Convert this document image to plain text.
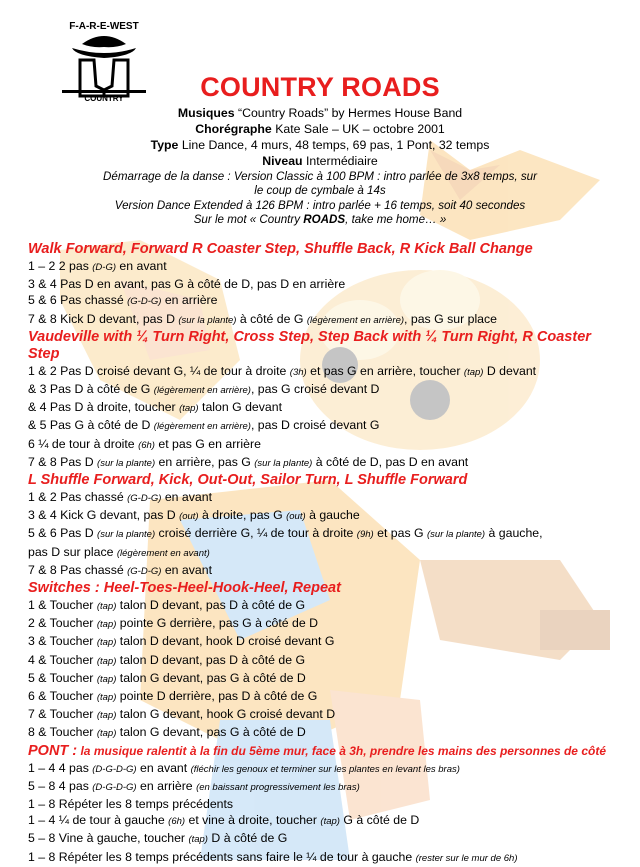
F-A-R-E-WEST
COUNTRY	COUNTRY ROADS
Musiques “Country Roads” by Hermes House Band
Chorégraphe Kate Sale – UK – octobre 2001
Type Line Dance, 4 murs, 48 temps, 69 pas, 1 Pont, 32 temps
Niveau Intermédiaire
Démarrage de la danse : Version Classic à 100 BPM : intro parlée de 3x8 temps, sur le coup de cymbale à 14s
Version Dance Extended à 126 BPM : intro parlée + 16 temps, soit 40 secondes
Sur le mot « Country ROADS, take me home… »
Walk Forward, Forward R Coaster Step, Shuffle Back, R Kick Ball Change
1 – 2 2 pas (D-G) en avant
3 & 4 Pas D en avant, pas G à côté de D, pas D en arrière
5 & 6 Pas chassé (G-D-G) en arrière
7 & 8 Kick D devant, pas D (sur la plante) à côté de G (légèrement en arrière), pas G sur place
Vaudeville with ¼ Turn Right, Cross Step, Step Back with ¼ Turn Right, R Coaster Step
1 & 2 Pas D croisé devant G, ¼ de tour à droite (3h) et pas G en arrière, toucher (tap) D devant
& 3 Pas D à côté de G (légèrement en arrière), pas G croisé devant D
& 4 Pas D à droite, toucher (tap) talon G devant
& 5 Pas G à côté de D (légèrement en arrière), pas D croisé devant G
6 ¼ de tour à droite (6h) et pas G en arrière
7 & 8 Pas D (sur la plante) en arrière, pas G (sur la plante) à côté de D, pas D en avant
L Shuffle Forward, Kick, Out-Out, Sailor Turn, L Shuffle Forward
1 & 2 Pas chassé (G-D-G) en avant
3 & 4 Kick G devant, pas D (out) à droite, pas G (out) à gauche
5 & 6 Pas D (sur la plante) croisé derrière G, ¼ de tour à droite (9h) et pas G (sur la plante) à gauche,
pas D sur place (légèrement en avant)
7 & 8 Pas chassé (G-D-G) en avant
Switches : Heel-Toes-Heel-Hook-Heel, Repeat
1 & Toucher (tap) talon D devant, pas D à côté de G
2 & Toucher (tap) pointe G derrière, pas G à côté de D
3 & Toucher (tap) talon D devant, hook D croisé devant G
4 & Toucher (tap) talon D devant, pas D à côté de G
5 & Toucher (tap) talon G devant, pas G à côté de D
6 & Toucher (tap) pointe D derrière, pas D à côté de G
7 & Toucher (tap) talon G devant, hook G croisé devant D
8 & Toucher (tap) talon G devant, pas G à côté de D
PONT : la musique ralentit à la fin du 5ème mur, face à 3h, prendre les mains des personnes de côté
1 – 4 4 pas (D-G-D-G) en avant (fléchir les genoux et terminer sur les plantes en levant les bras)
5 – 8 4 pas (D-G-D-G) en arrière (en baissant progressivement les bras)
1 – 8 Répéter les 8 temps précédents
1 – 4 ¼ de tour à gauche (6h) et vine à droite, toucher (tap) G à côté de D
5 – 8 Vine à gauche, toucher (tap) D à côté de G
1 – 8 Répéter les 8 temps précédents sans faire le ¼ de tour à gauche (rester sur le mur de 6h)
